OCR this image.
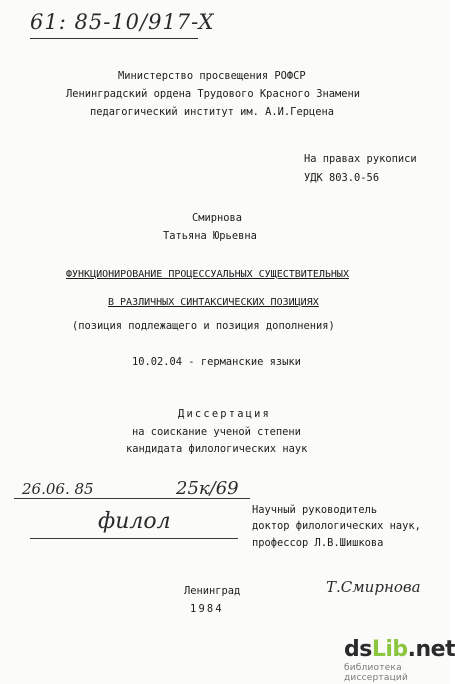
61: 85-10/917-X
Министерство просвещения РОФСР
Ленинградский ордена Трудового Красного Знамени
педагогический институт им. А.И.Герцена
На правах рукописи
УДК 803.0-56
Смирнова
Татьяна Юрьевна
ФУНКЦИОНИРОВАНИЕ ПРОЦЕССУАЛЬНЫХ СУЩЕСТВИТЕЛЬНЫХ
В РАЗЛИЧНЫХ СИНТАКСИЧЕСКИХ ПОЗИЦИЯХ
(позиция подлежащего и позиция дополнения)
10.02.04 - германские языки
Диссертация
на соискание ученой степени
кандидата филологических наук
26.06. 85	25к/69
филол	Научный руководитель
доктор филологических наук,
профессор Л.В.Шишкова
Ленинград
1984
Т.Смирнова
dsLib.net
библиотека диссертаций
